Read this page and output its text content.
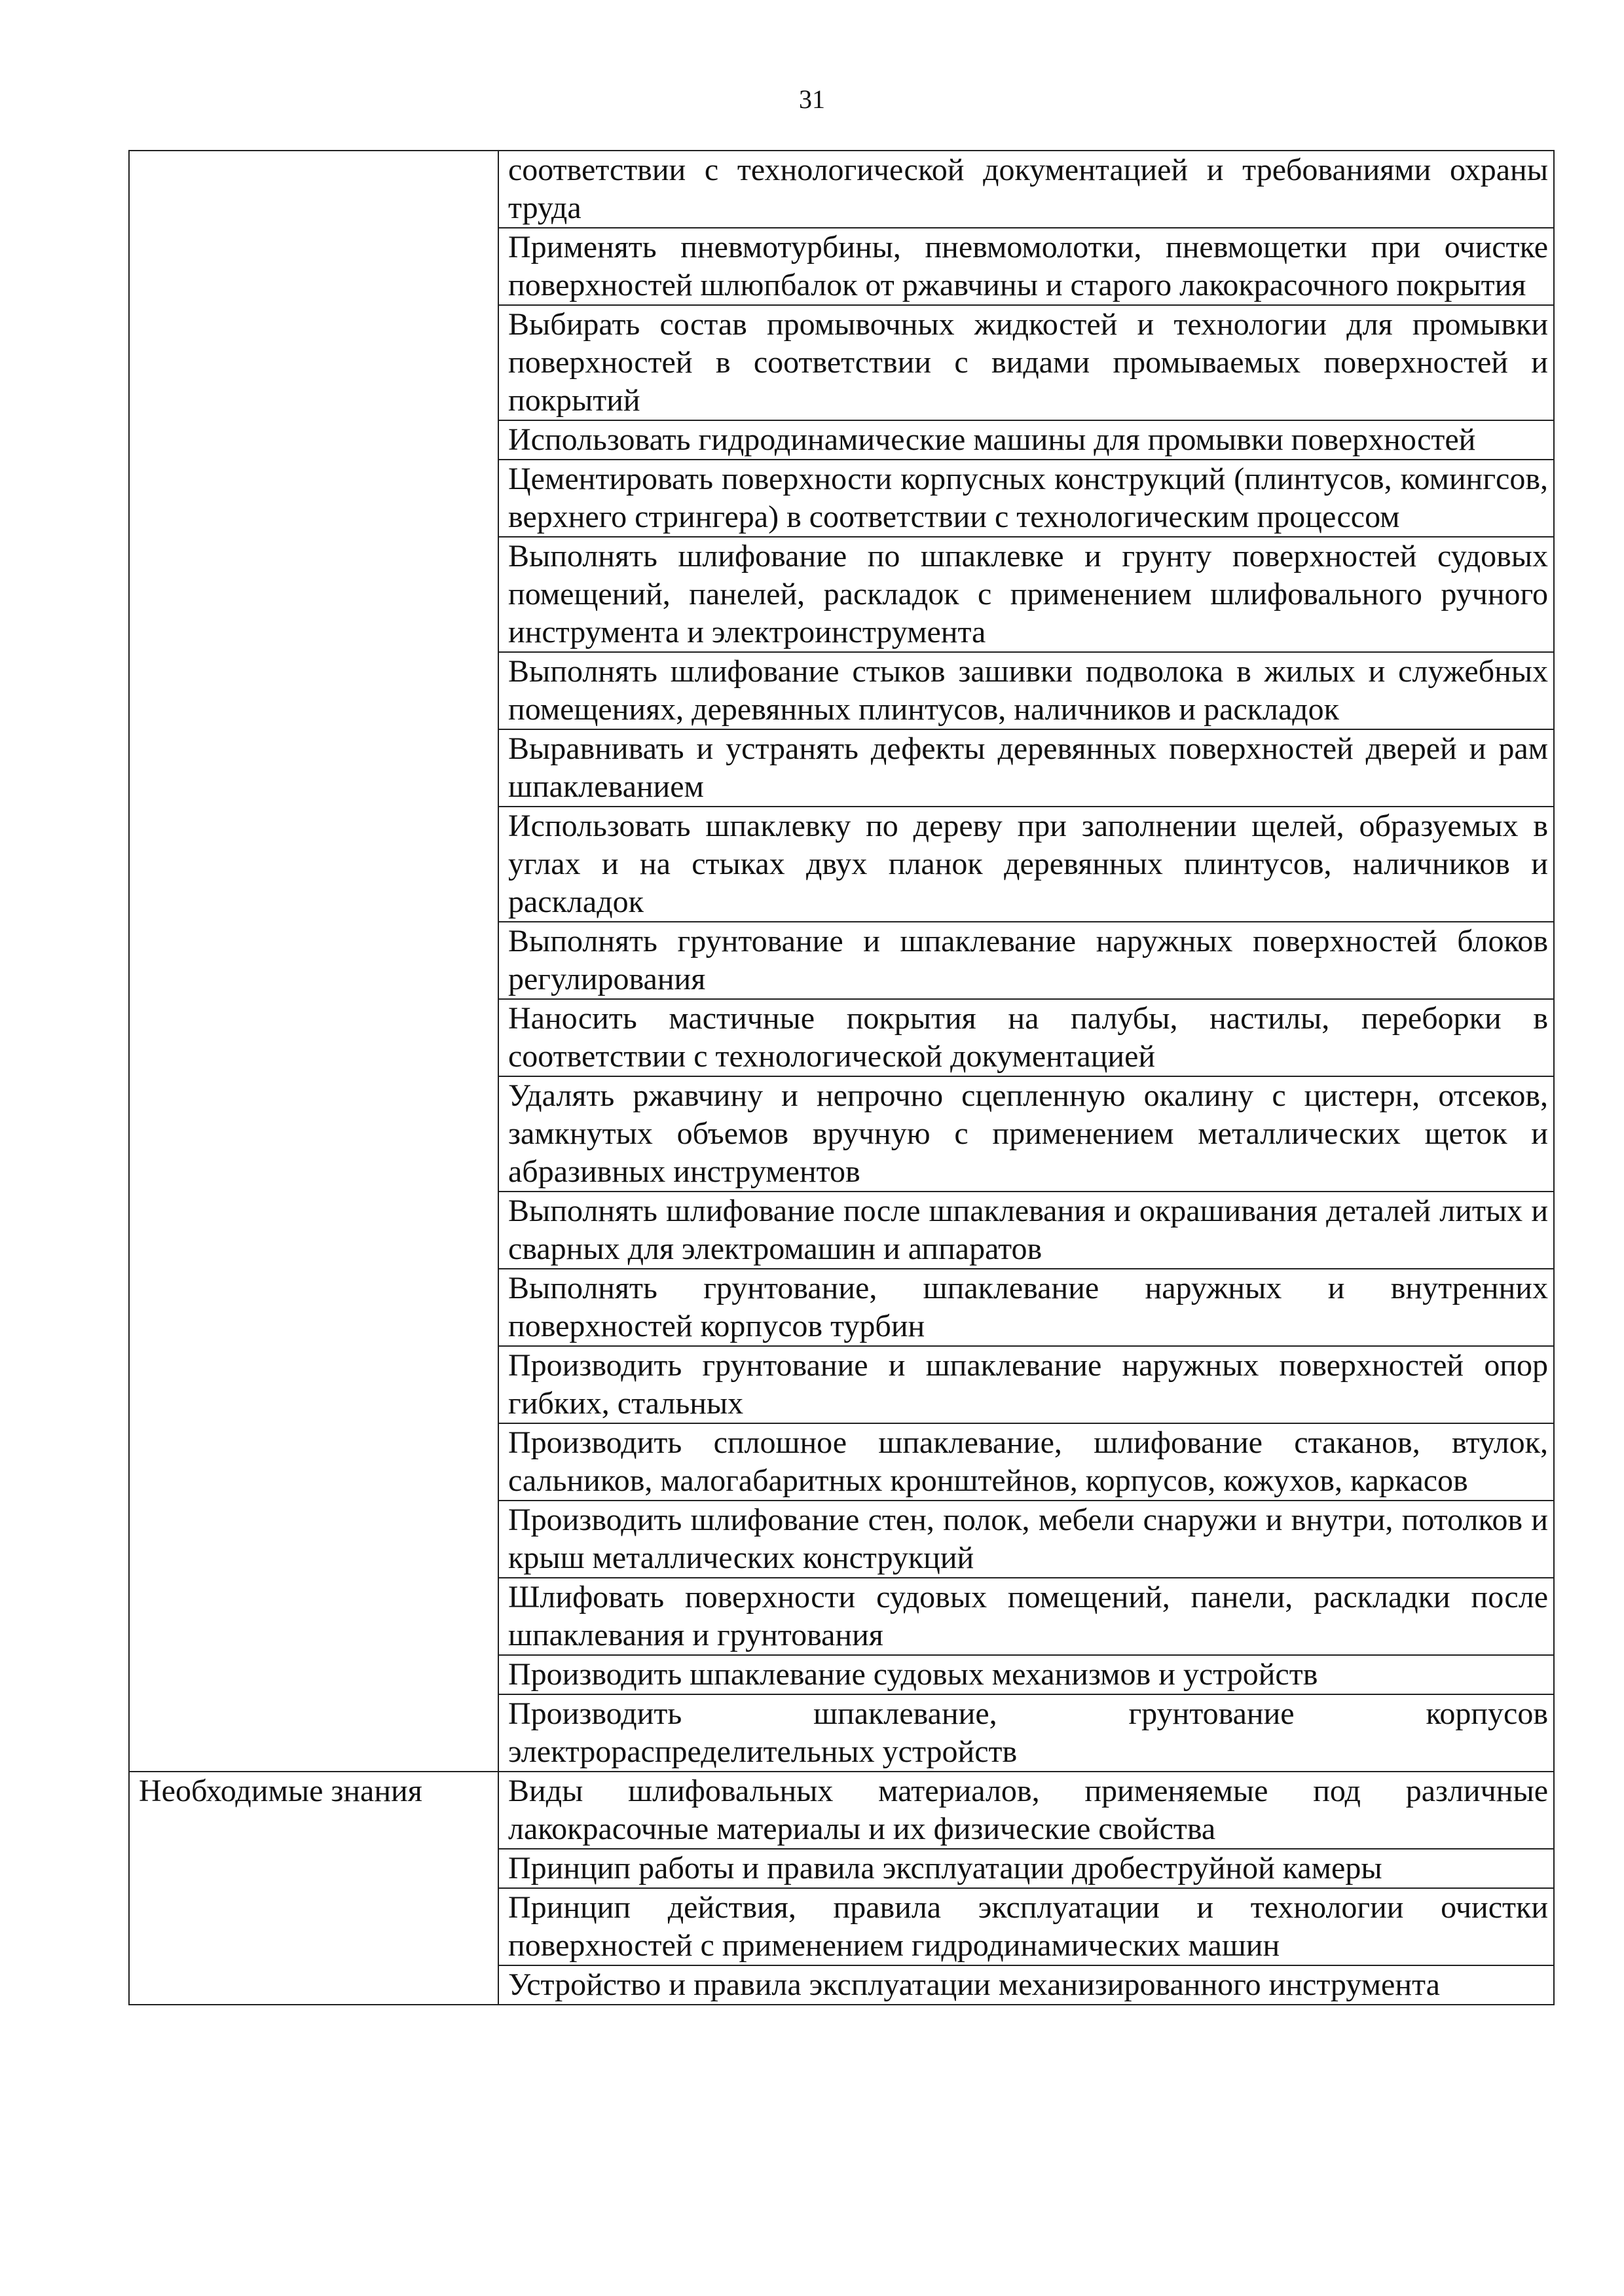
31
	соответствии с технологической документацией и требованиями охраны труда
	Применять пневмотурбины, пневмомолотки, пневмощетки при очистке поверхностей шлюпбалок от ржавчины и старого лакокрасочного покрытия
	Выбирать состав промывочных жидкостей и технологии для промывки поверхностей в соответствии с видами промываемых поверхностей и покрытий
	Использовать гидродинамические машины для промывки поверхностей
	Цементировать поверхности корпусных конструкций (плинтусов, комингсов, верхнего стрингера) в соответствии с технологическим процессом
	Выполнять шлифование по шпаклевке и грунту поверхностей судовых помещений, панелей, раскладок с применением шлифовального ручного инструмента и электроинструмента
	Выполнять шлифование стыков зашивки подволока в жилых и служебных помещениях, деревянных плинтусов, наличников и раскладок
	Выравнивать и устранять дефекты деревянных поверхностей дверей и рам шпаклеванием
	Использовать шпаклевку по дереву при заполнении щелей, образуемых в углах и на стыках двух планок деревянных плинтусов, наличников и раскладок
	Выполнять грунтование и шпаклевание наружных поверхностей блоков регулирования
	Наносить мастичные покрытия на палубы, настилы, переборки в соответствии с технологической документацией
	Удалять ржавчину и непрочно сцепленную окалину с цистерн, отсеков, замкнутых объемов вручную с применением металлических щеток и абразивных инструментов
	Выполнять шлифование после шпаклевания и окрашивания деталей литых и сварных для электромашин и аппаратов
	Выполнять грунтование, шпаклевание наружных и внутренних поверхностей корпусов турбин
	Производить грунтование и шпаклевание наружных поверхностей опор гибких, стальных
	Производить сплошное шпаклевание, шлифование стаканов, втулок, сальников, малогабаритных кронштейнов, корпусов, кожухов, каркасов
	Производить шлифование стен, полок, мебели снаружи и внутри, потолков и крыш металлических конструкций
	Шлифовать поверхности судовых помещений, панели, раскладки после шпаклевания и грунтования
	Производить шпаклевание судовых механизмов и устройств
	Производить шпаклевание, грунтование корпусов электрораспределительных устройств
Необходимые знания	Виды шлифовальных материалов, применяемые под различные лакокрасочные материалы и их физические свойства
	Принцип работы и правила эксплуатации дробеструйной камеры
	Принцип действия, правила эксплуатации и технологии очистки поверхностей с применением гидродинамических машин
	Устройство и правила эксплуатации механизированного инструмента
